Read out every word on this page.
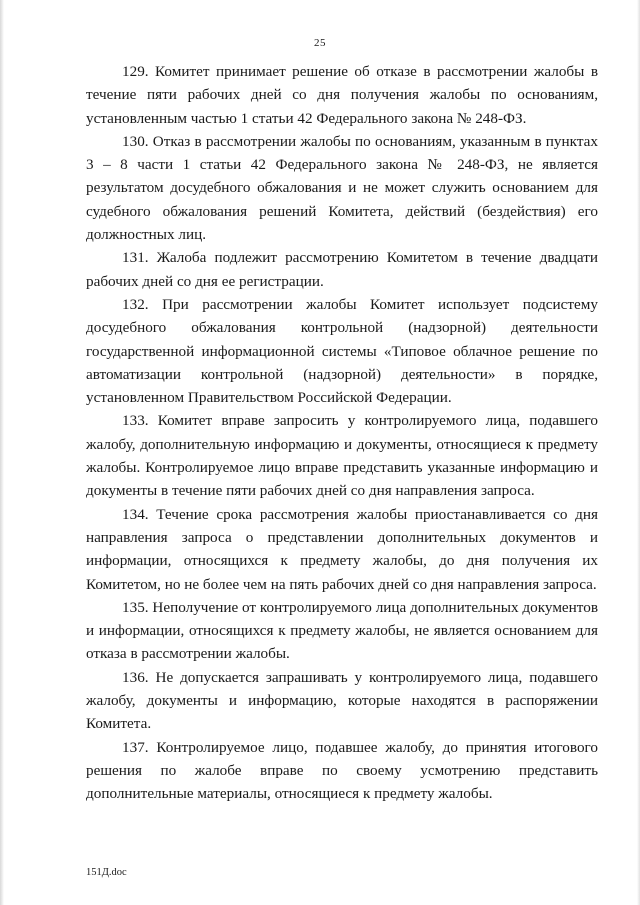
25

129. Комитет принимает решение об отказе в рассмотрении жалобы в течение пяти рабочих дней со дня получения жалобы по основаниям, установленным частью 1 статьи 42 Федерального закона № 248-ФЗ.

130. Отказ в рассмотрении жалобы по основаниям, указанным в пунктах 3 – 8 части 1 статьи 42 Федерального закона № 248-ФЗ, не является результатом досудебного обжалования и не может служить основанием для судебного обжалования решений Комитета, действий (бездействия) его должностных лиц.

131. Жалоба подлежит рассмотрению Комитетом в течение двадцати рабочих дней со дня ее регистрации.

132. При рассмотрении жалобы Комитет использует подсистему досудебного обжалования контрольной (надзорной) деятельности государственной информационной системы «Типовое облачное решение по автоматизации контрольной (надзорной) деятельности» в порядке, установленном Правительством Российской Федерации.

133. Комитет вправе запросить у контролируемого лица, подавшего жалобу, дополнительную информацию и документы, относящиеся к предмету жалобы. Контролируемое лицо вправе представить указанные информацию и документы в течение пяти рабочих дней со дня направления запроса.

134. Течение срока рассмотрения жалобы приостанавливается со дня направления запроса о представлении дополнительных документов и информации, относящихся к предмету жалобы, до дня получения их Комитетом, но не более чем на пять рабочих дней со дня направления запроса.

135. Неполучение от контролируемого лица дополнительных документов и информации, относящихся к предмету жалобы, не является основанием для отказа в рассмотрении жалобы.

136. Не допускается запрашивать у контролируемого лица, подавшего жалобу, документы и информацию, которые находятся в распоряжении Комитета.

137. Контролируемое лицо, подавшее жалобу, до принятия итогового решения по жалобе вправе по своему усмотрению представить дополнительные материалы, относящиеся к предмету жалобы.

151Д.doc
